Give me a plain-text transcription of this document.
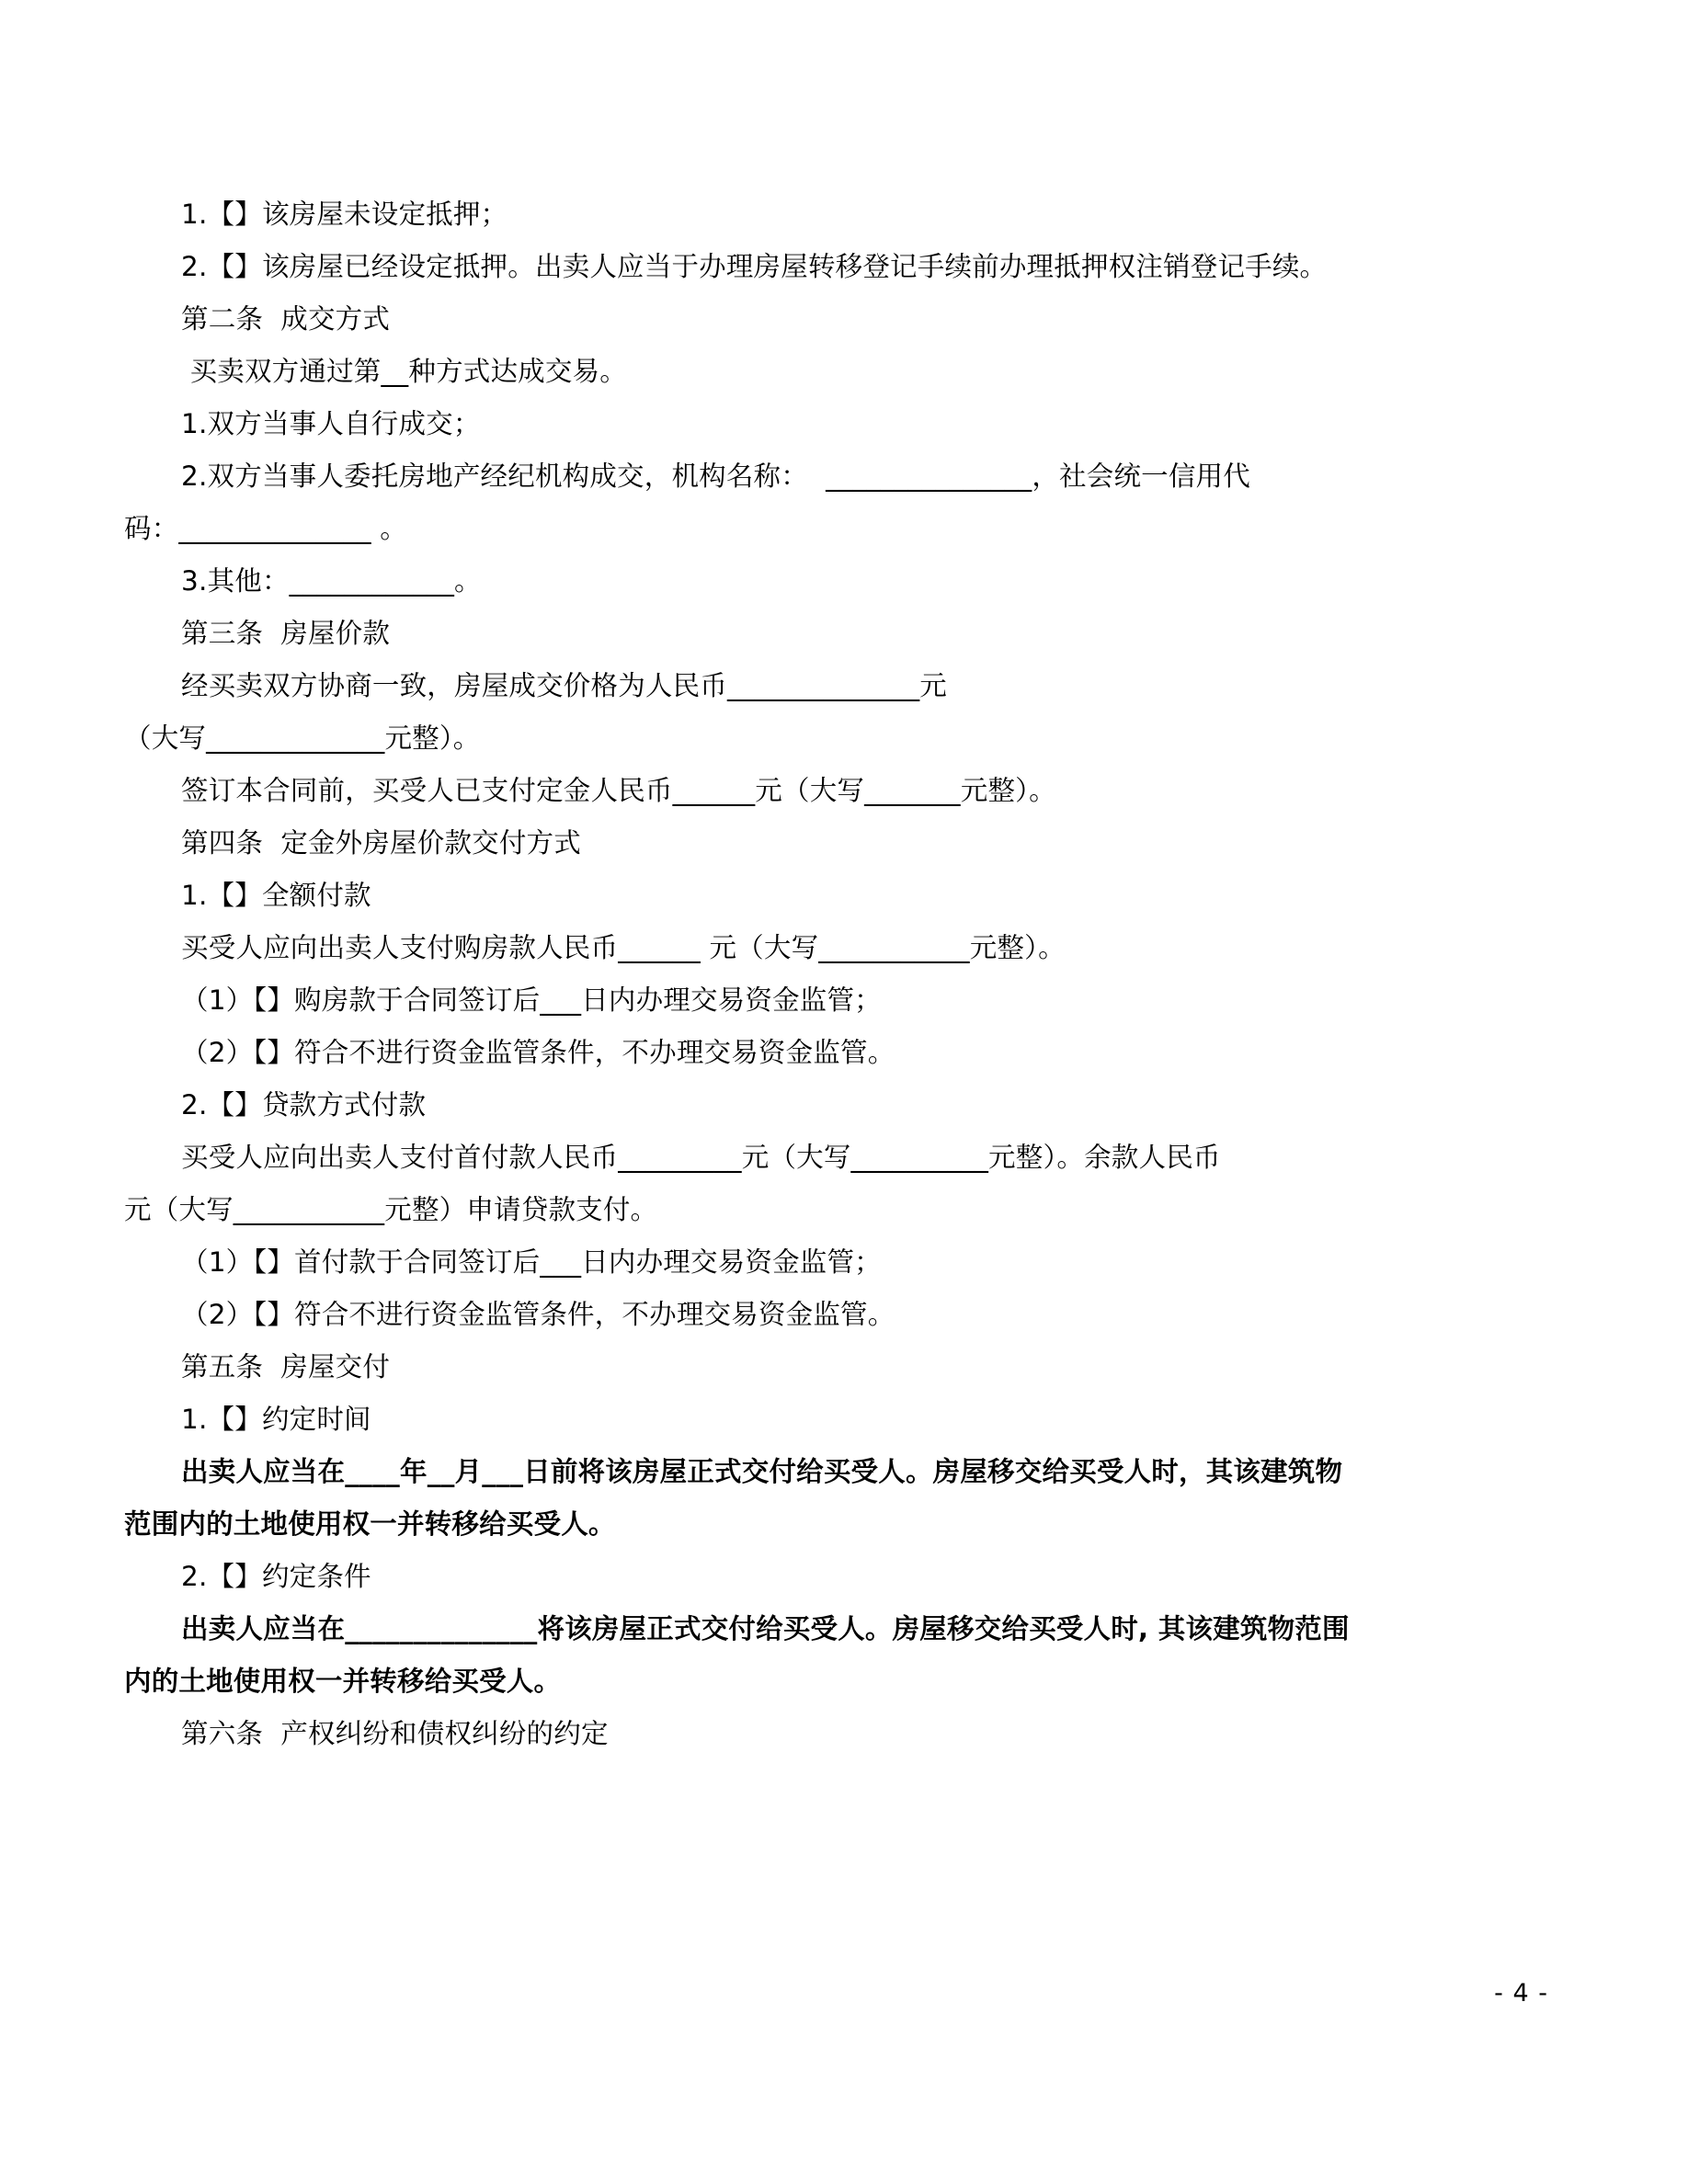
1.【】该房屋未设定抵押；
2.【】该房屋已经设定抵押。出卖人应当于办理房屋转移登记手续前办理抵押权注销登记手续。
第二条  成交方式
买卖双方通过第__种方式达成交易。
1.双方当事人自行成交；
2.双方当事人委托房地产经纪机构成交，机构名称：  _______________，社会统一信用代
码：______________ 。
3.其他：____________。
第三条  房屋价款
经买卖双方协商一致，房屋成交价格为人民币______________元
（大写_____________元整）。
签订本合同前，买受人已支付定金人民币______元（大写_______元整）。
第四条  定金外房屋价款交付方式
1.【】全额付款
买受人应向出卖人支付购房款人民币______ 元（大写___________元整）。
（1）【】购房款于合同签订后___日内办理交易资金监管；
（2）【】符合不进行资金监管条件，不办理交易资金监管。
2.【】贷款方式付款
买受人应向出卖人支付首付款人民币_________元（大写__________元整）。余款人民币
元（大写___________元整）申请贷款支付。
（1）【】首付款于合同签订后___日内办理交易资金监管；
（2）【】符合不进行资金监管条件，不办理交易资金监管。
第五条  房屋交付
1.【】约定时间
出卖人应当在____年__月___日前将该房屋正式交付给买受人。房屋移交给买受人时，其该建筑物
范围内的土地使用权一并转移给买受人。
2.【】约定条件
出卖人应当在______________将该房屋正式交付给买受人。房屋移交给买受人时, 其该建筑物范围
内的土地使用权一并转移给买受人。
第六条  产权纠纷和债权纠纷的约定
- 4 -
